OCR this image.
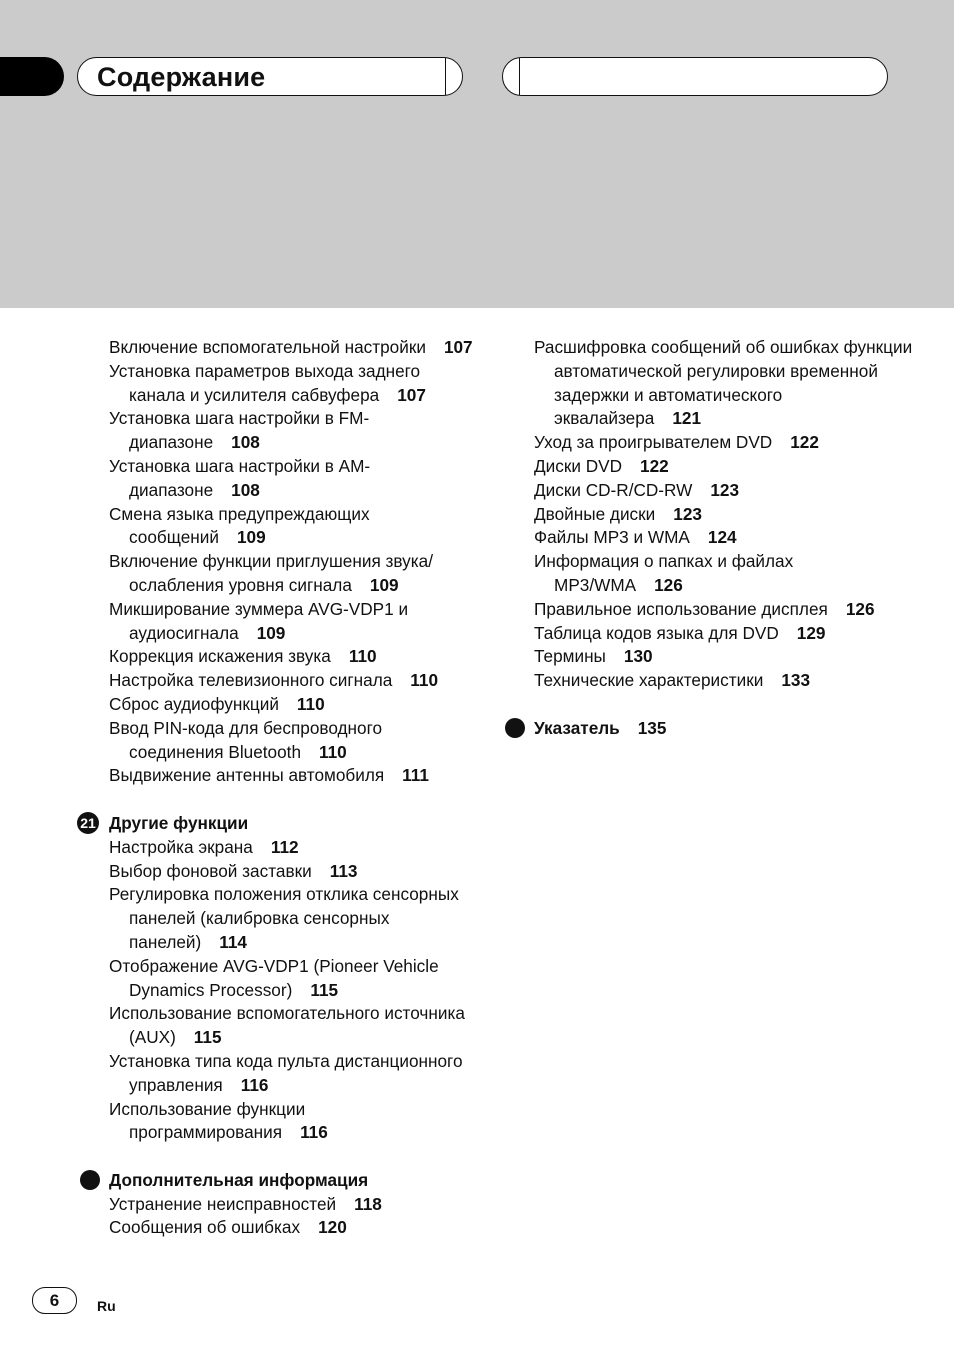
Содержание

Включение вспомогательной настройки 107

Установка параметров выхода заднего канала и усилителя сабвуфера 107

Установка шага настройки в FM-диапазоне 108

Установка шага настройки в AM-диапазоне 108

Смена языка предупреждающих сообщений 109

Включение функции приглушения звука/ослабления уровня сигнала 109

Микширование зуммера AVG-VDP1 и аудиосигнала 109

Коррекция искажения звука 110

Настройка телевизионного сигнала 110

Сброс аудиофункций 110

Ввод PIN-кода для беспроводного соединения Bluetooth 110

Выдвижение антенны автомобиля 111

21 Другие функции

Настройка экрана 112

Выбор фоновой заставки 113

Регулировка положения отклика сенсорных панелей (калибровка сенсорных панелей) 114

Отображение AVG-VDP1 (Pioneer Vehicle Dynamics Processor) 115

Использование вспомогательного источника (AUX) 115

Установка типа кода пульта дистанционного управления 116

Использование функции программирования 116

Дополнительная информация

Устранение неисправностей 118

Сообщения об ошибках 120

Расшифровка сообщений об ошибках функции автоматической регулировки временной задержки и автоматического эквалайзера 121

Уход за проигрывателем DVD 122

Диски DVD 122

Диски CD-R/CD-RW 123

Двойные диски 123

Файлы MP3 и WMA 124

Информация о папках и файлах MP3/WMA 126

Правильное использование дисплея 126

Таблица кодов языка для DVD 129

Термины 130

Технические характеристики 133

Указатель 135
6	Ru
